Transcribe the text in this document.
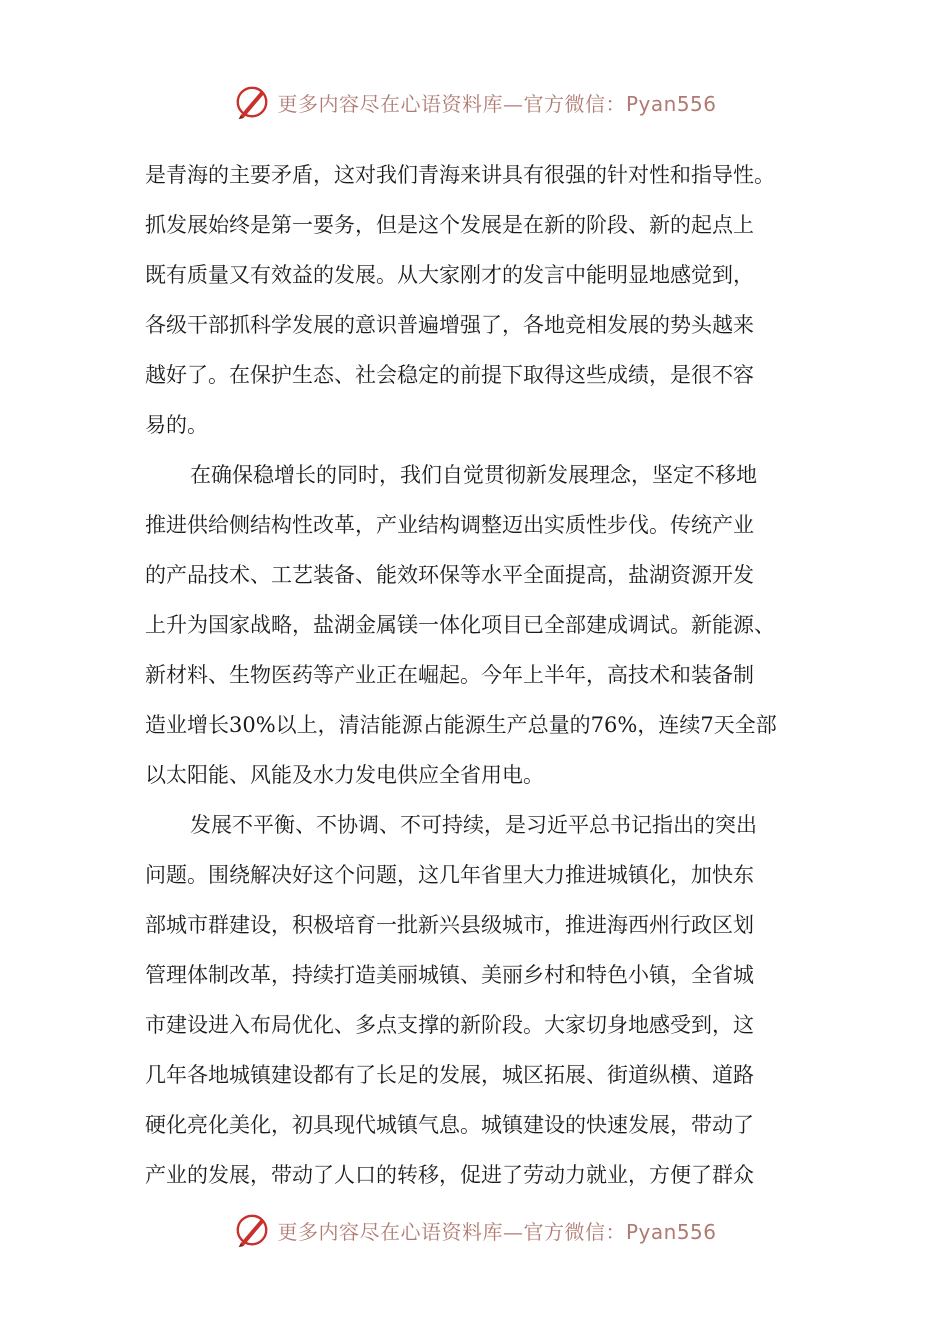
更多内容尽在心语资料库—官方微信：Pyan556
是青海的主要矛盾，这对我们青海来讲具有很强的针对性和指导性。
抓发展始终是第一要务，但是这个发展是在新的阶段、新的起点上
既有质量又有效益的发展。从大家刚才的发言中能明显地感觉到，
各级干部抓科学发展的意识普遍增强了，各地竞相发展的势头越来
越好了。在保护生态、社会稳定的前提下取得这些成绩，是很不容
易的。
在确保稳增长的同时，我们自觉贯彻新发展理念，坚定不移地
推进供给侧结构性改革，产业结构调整迈出实质性步伐。传统产业
的产品技术、工艺装备、能效环保等水平全面提高，盐湖资源开发
上升为国家战略，盐湖金属镁一体化项目已全部建成调试。新能源、
新材料、生物医药等产业正在崛起。今年上半年，高技术和装备制
造业增长30%以上，清洁能源占能源生产总量的76%，连续7天全部
以太阳能、风能及水力发电供应全省用电。
发展不平衡、不协调、不可持续，是习近平总书记指出的突出
问题。围绕解决好这个问题，这几年省里大力推进城镇化，加快东
部城市群建设，积极培育一批新兴县级城市，推进海西州行政区划
管理体制改革，持续打造美丽城镇、美丽乡村和特色小镇，全省城
市建设进入布局优化、多点支撑的新阶段。大家切身地感受到，这
几年各地城镇建设都有了长足的发展，城区拓展、街道纵横、道路
硬化亮化美化，初具现代城镇气息。城镇建设的快速发展，带动了
产业的发展，带动了人口的转移，促进了劳动力就业，方便了群众
更多内容尽在心语资料库—官方微信：Pyan556
